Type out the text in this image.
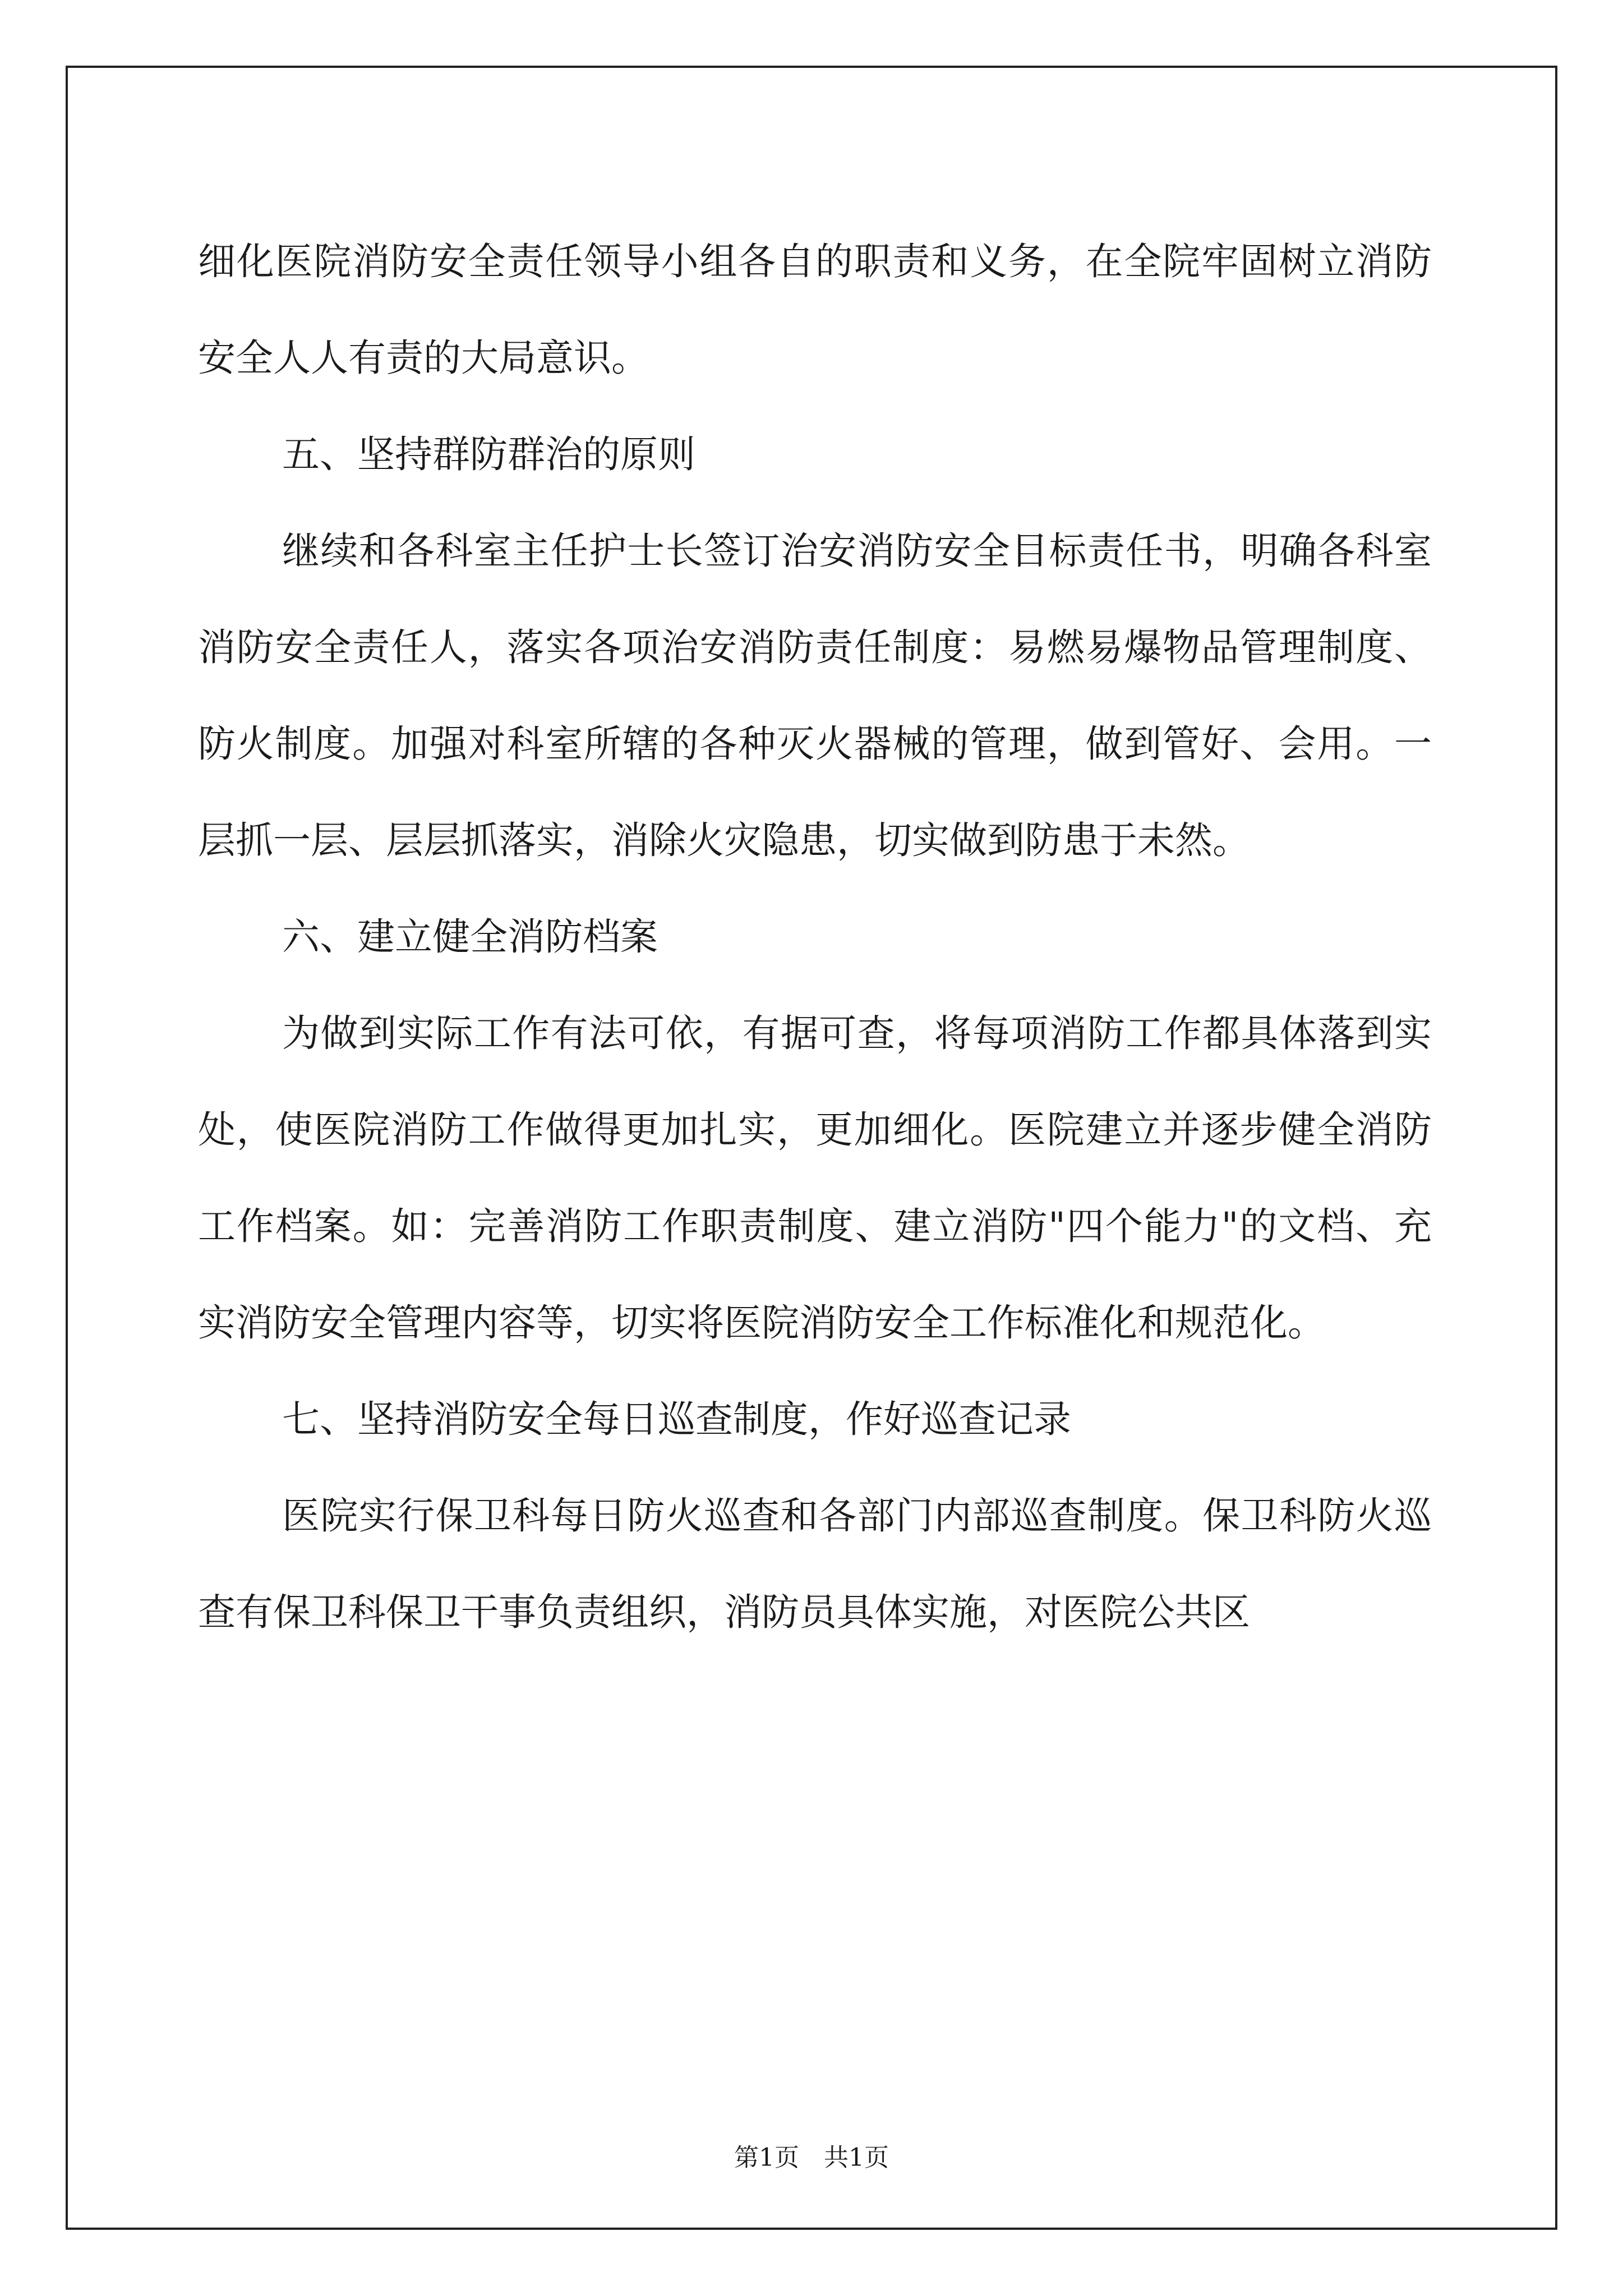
细化医院消防安全责任领导小组各自的职责和义务，在全院牢固树立消防安全人人有责的大局意识。

五、坚持群防群治的原则

继续和各科室主任护士长签订治安消防安全目标责任书，明确各科室消防安全责任人，落实各项治安消防责任制度：易燃易爆物品管理制度、防火制度。加强对科室所辖的各种灭火器械的管理，做到管好、会用。一层抓一层、层层抓落实，消除火灾隐患，切实做到防患于未然。

六、建立健全消防档案

为做到实际工作有法可依，有据可查，将每项消防工作都具体落到实处，使医院消防工作做得更加扎实，更加细化。医院建立并逐步健全消防工作档案。如：完善消防工作职责制度、建立消防"四个能力"的文档、充实消防安全管理内容等，切实将医院消防安全工作标准化和规范化。

七、坚持消防安全每日巡查制度，作好巡查记录

医院实行保卫科每日防火巡查和各部门内部巡查制度。保卫科防火巡查有保卫科保卫干事负责组织，消防员具体实施，对医院公共区

第1页 共1页
